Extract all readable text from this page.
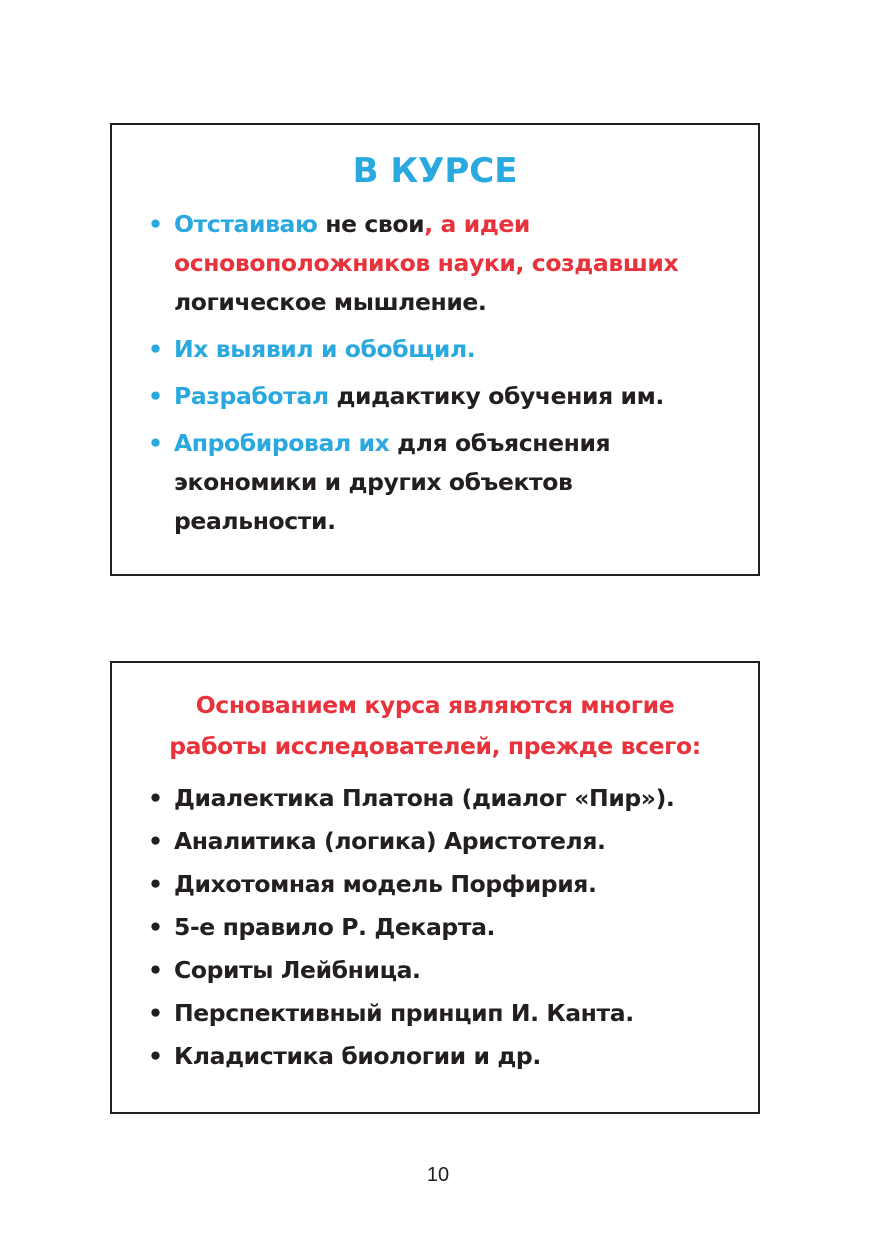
В КУРСЕ
• Отстаиваю не свои, а идеи основоположников науки, создавших логическое мышление.
• Их выявил и обобщил.
• Разработал дидактику обучения им.
• Апробировал их для объяснения экономики и других объектов реальности.
Основанием курса являются многие
работы исследователей, прежде всего:
• Диалектика Платона (диалог «Пир»).
• Аналитика (логика) Аристотеля.
• Дихотомная модель Порфирия.
• 5-е правило Р. Декарта.
• Сориты Лейбница.
• Перспективный принцип И. Канта.
• Кладистика биологии и др.
10
